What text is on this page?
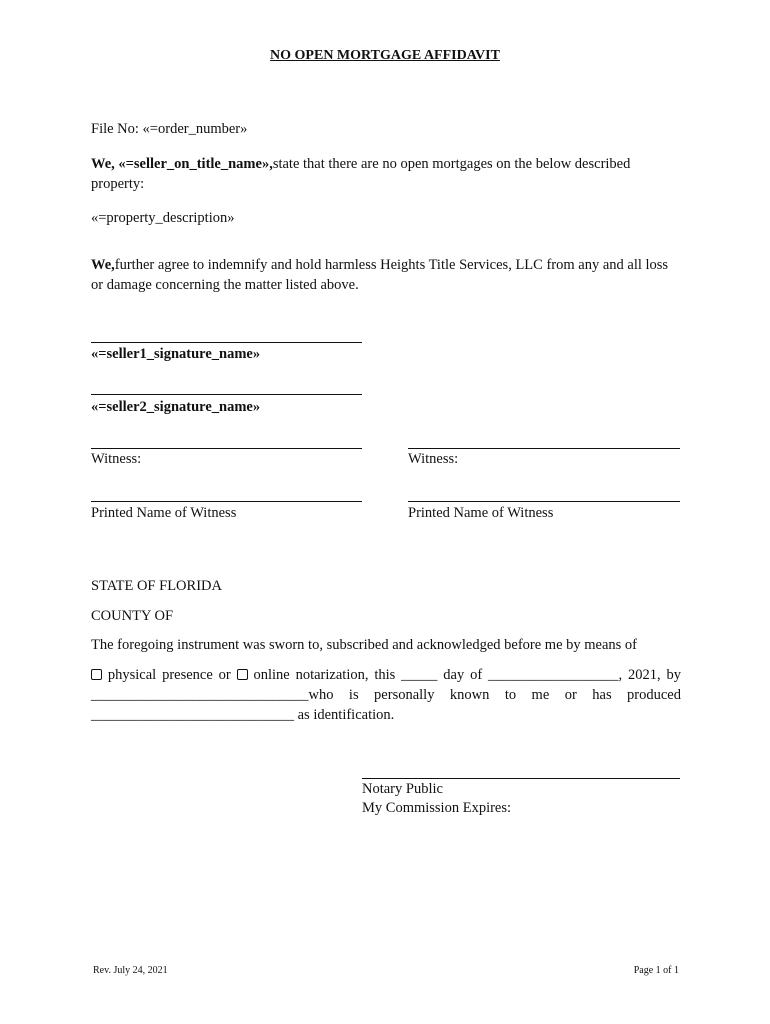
NO OPEN MORTGAGE AFFIDAVIT
File No: «=order_number»
We, «=seller_on_title_name»,state that there are no open mortgages on the below described property:
«=property_description»
We,further agree to indemnify and hold harmless Heights Title Services, LLC from any and all loss or damage concerning the matter listed above.
«=seller1_signature_name»
«=seller2_signature_name»
Witness:	Witness:
Printed Name of Witness	Printed Name of Witness
STATE OF FLORIDA
COUNTY OF
The foregoing instrument was sworn to, subscribed and acknowledged before me by means of
physical presence or online notarization, this _____ day of __________________, 2021, by
______________________________who is personally known to me or has produced
____________________________ as identification.
Notary Public
My Commission Expires:
Rev. July 24, 2021	Page 1 of 1
